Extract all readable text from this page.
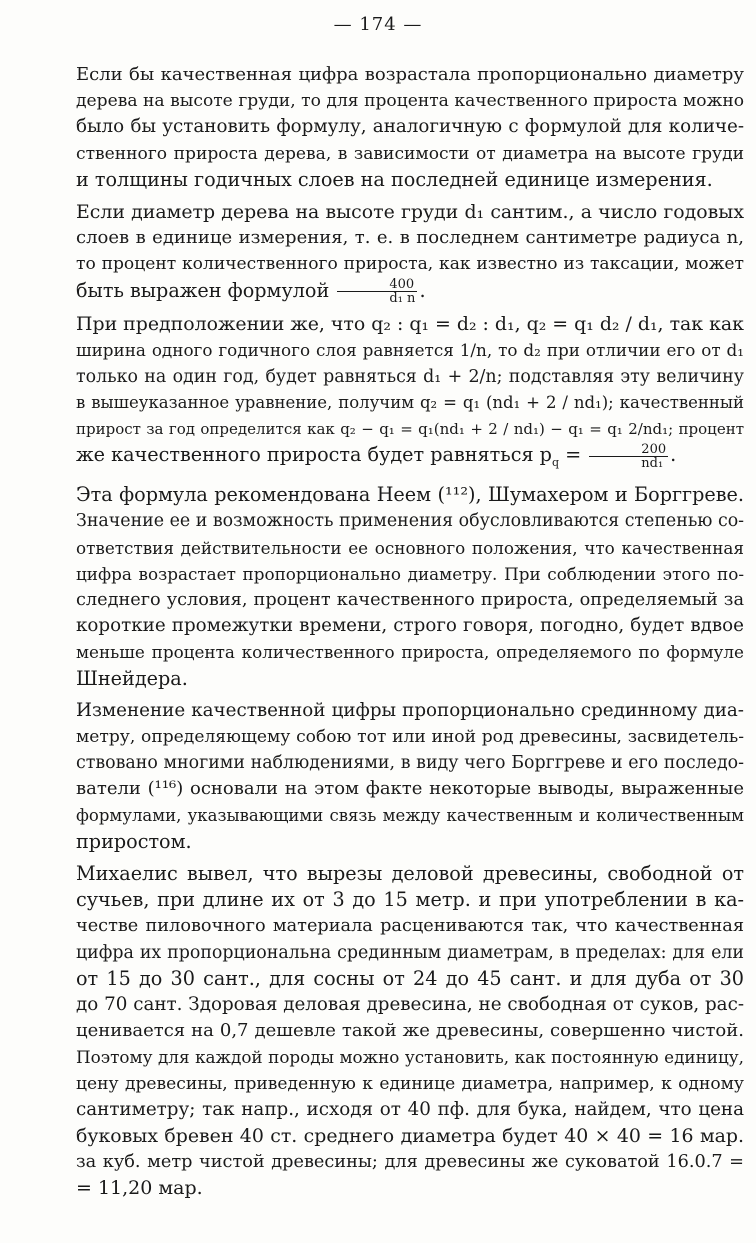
— 174 —
Если бы качественная цифра возрастала пропорционально диаметру
дерева на высоте груди, то для процента качественного прироста можно
было бы установить формулу, аналогичную с формулой для количе-
ственного прироста дерева, в зависимости от диаметра на высоте груди
и толщины годичных слоев на последней единице измерения.
Если диаметр дерева на высоте груди d₁ сантим., а число годовых
слоев в единице измерения, т. е. в последнем сантиметре радиуса n,
то процент количественного прироста, как известно из таксации, может
быть выражен формулой $\frac{400}{\text{d₁ n}}$ .
При предположении же, что q₂ : q₁ = d₂ : d₁, q₂ = q₁ d₂ / d₁, так как
ширина одного годичного слоя равняется 1/n, то d₂ при отличии его от d₁
только на один год, будет равняться d₁ + 2/n; подставляя эту величину
в вышеуказанное уравнение, получим q₂ = q₁ (nd₁ + 2 / nd₁); качественный
прирост за год определится как q₂ − q₁ = q₁(nd₁ + 2 / nd₁) − q₁ = q₁ 2/nd₁; процент
же качественного прироста будет равняться $p_q = \frac{200}{\text{nd₁}}$ .
Эта формула рекомендована Неем (¹¹²), Шумахером и Борггреве.
Значение ее и возможность применения обусловливаются степенью со-
ответствия действительности ее основного положения, что качественная
цифра возрастает пропорционально диаметру. При соблюдении этого по-
следнего условия, процент качественного прироста, определяемый за
короткие промежутки времени, строго говоря, погодно, будет вдвое
меньше процента количественного прироста, определяемого по формуле
Шнейдера.
Изменение качественной цифры пропорционально срединному диа-
метру, определяющему собою тот или иной род древесины, засвидетель-
ствовано многими наблюдениями, в виду чего Борггреве и его последо-
ватели (¹¹⁶) основали на этом факте некоторые выводы, выраженные
формулами, указывающими связь между качественным и количественным
приростом.
Михаелис вывел, что вырезы деловой древесины, свободной от
сучьев, при длине их от 3 до 15 метр. и при употреблении в ка-
честве пиловочного материала расцениваются так, что качественная
цифра их пропорциональна срединным диаметрам, в пределах: для ели
от 15 до 30 сант., для сосны от 24 до 45 сант. и для дуба от 30
до 70 сант. Здоровая деловая древесина, не свободная от суков, рас-
ценивается на 0,7 дешевле такой же древесины, совершенно чистой.
Поэтому для каждой породы можно установить, как постоянную единицу,
цену древесины, приведенную к единице диаметра, например, к одному
сантиметру; так напр., исходя от 40 пф. для бука, найдем, что цена
буковых бревен 40 ст. среднего диаметра будет 40 × 40 = 16 мар.
за куб. метр чистой древесины; для древесины же суковатой 16.0.7 =
= 11,20 мар.
